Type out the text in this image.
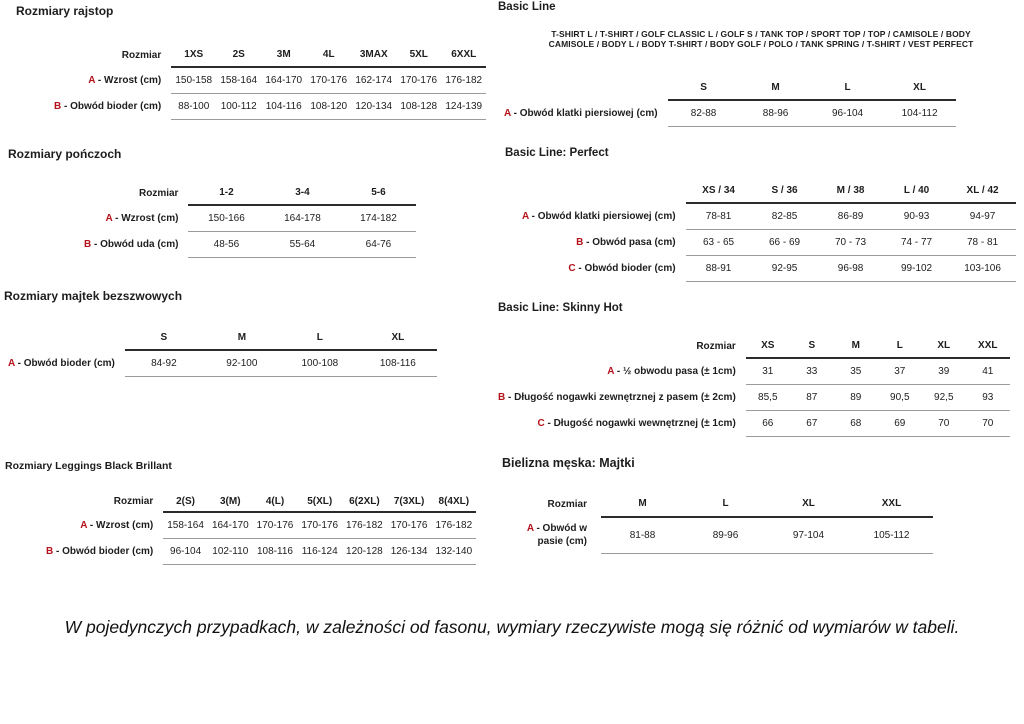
Rozmiary rajstop
Rozmiar	1XS	2S	3M	4L	3MAX	5XL	6XXL
A - Wzrost (cm)	150-158	158-164	164-170	170-176	162-174	170-176	176-182
B - Obwód bioder (cm)	88-100	100-112	104-116	108-120	120-134	108-128	124-139
Rozmiary pończoch
Rozmiar	1-2	3-4	5-6
A - Wzrost (cm)	150-166	164-178	174-182
B - Obwód uda (cm)	48-56	55-64	64-76
Rozmiary majtek bezszwowych
	S	M	L	XL
A - Obwód bioder (cm)	84-92	92-100	100-108	108-116
Rozmiary Leggings Black Brillant
Rozmiar	2(S)	3(M)	4(L)	5(XL)	6(2XL)	7(3XL)	8(4XL)
A - Wzrost (cm)	158-164	164-170	170-176	170-176	176-182	170-176	176-182
B - Obwód bioder (cm)	96-104	102-110	108-116	116-124	120-128	126-134	132-140
Basic Line
T-SHIRT L / T-SHIRT / GOLF CLASSIC L / GOLF S / TANK TOP / SPORT TOP / TOP / CAMISOLE / BODY
CAMISOLE / BODY L / BODY T-SHIRT / BODY GOLF / POLO / TANK SPRING / T-SHIRT / VEST PERFECT
	S	M	L	XL
A - Obwód klatki piersiowej (cm)	82-88	88-96	96-104	104-112
Basic Line: Perfect
	XS / 34	S / 36	M / 38	L / 40	XL / 42
A - Obwód klatki piersiowej (cm)	78-81	82-85	86-89	90-93	94-97
B - Obwód pasa (cm)	63 - 65	66 - 69	70 - 73	74 - 77	78 - 81
C - Obwód bioder (cm)	88-91	92-95	96-98	99-102	103-106
Basic Line: Skinny Hot
Rozmiar	XS	S	M	L	XL	XXL
A - ½ obwodu pasa (± 1cm)	31	33	35	37	39	41
B - Długość nogawki zewnętrznej z pasem (± 2cm)	85,5	87	89	90,5	92,5	93
C - Długość nogawki wewnętrznej (± 1cm)	66	67	68	69	70	70
Bielizna męska: Majtki
Rozmiar	M	L	XL	XXL
A - Obwód w pasie (cm)	81-88	89-96	97-104	105-112
W pojedynczych przypadkach, w zależności od fasonu, wymiary rzeczywiste mogą się różnić od wymiarów w tabeli.
